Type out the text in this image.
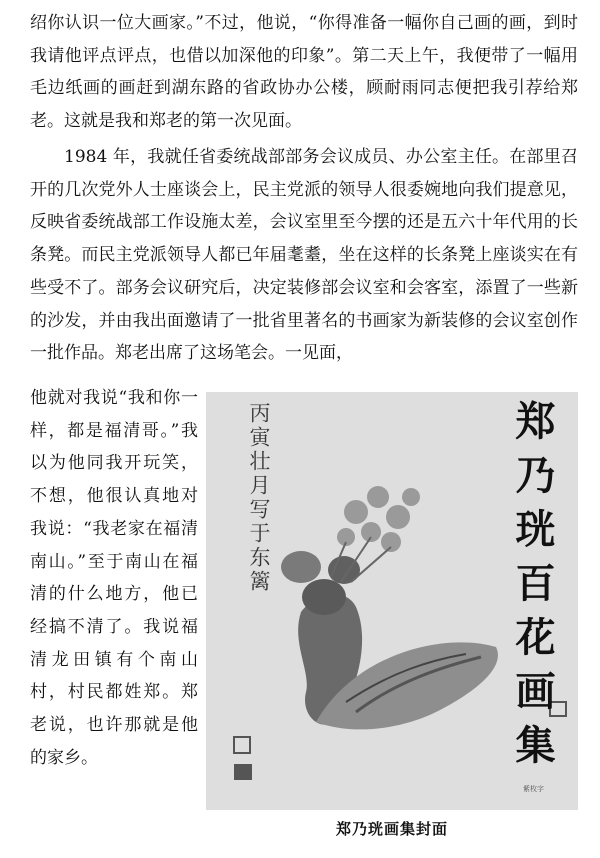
绍你认识一位大画家。”不过，他说，“你得准备一幅你自己画的画，到时我请他评点评点，也借以加深他的印象”。第二天上午，我便带了一幅用毛边纸画的画赶到湖东路的省政协办公楼，顾耐雨同志便把我引荐给郑老。这就是我和郑老的第一次见面。

1984 年，我就任省委统战部部务会议成员、办公室主任。在部里召开的几次党外人士座谈会上，民主党派的领导人很委婉地向我们提意见，反映省委统战部工作设施太差，会议室里至今摆的还是五六十年代用的长条凳。而民主党派领导人都已年届耄耋，坐在这样的长条凳上座谈实在有些受不了。部务会议研究后，决定装修部会议室和会客室，添置了一些新的沙发，并由我出面邀请了一批省里著名的书画家为新装修的会议室创作一批作品。郑老出席了这场笔会。一见面，

他就对我说“我和你一样，都是福清哥。”我以为他同我开玩笑，不想，他很认真地对我说：“我老家在福清南山。”至于南山在福清的什么地方，他已经搞不清了。我说福清龙田镇有个南山村，村民都姓郑。郑老说，也许那就是他的家乡。

丙寅壮月写于东篱	郑乃珖百花画集
紫枚字
郑乃珖画集封面
